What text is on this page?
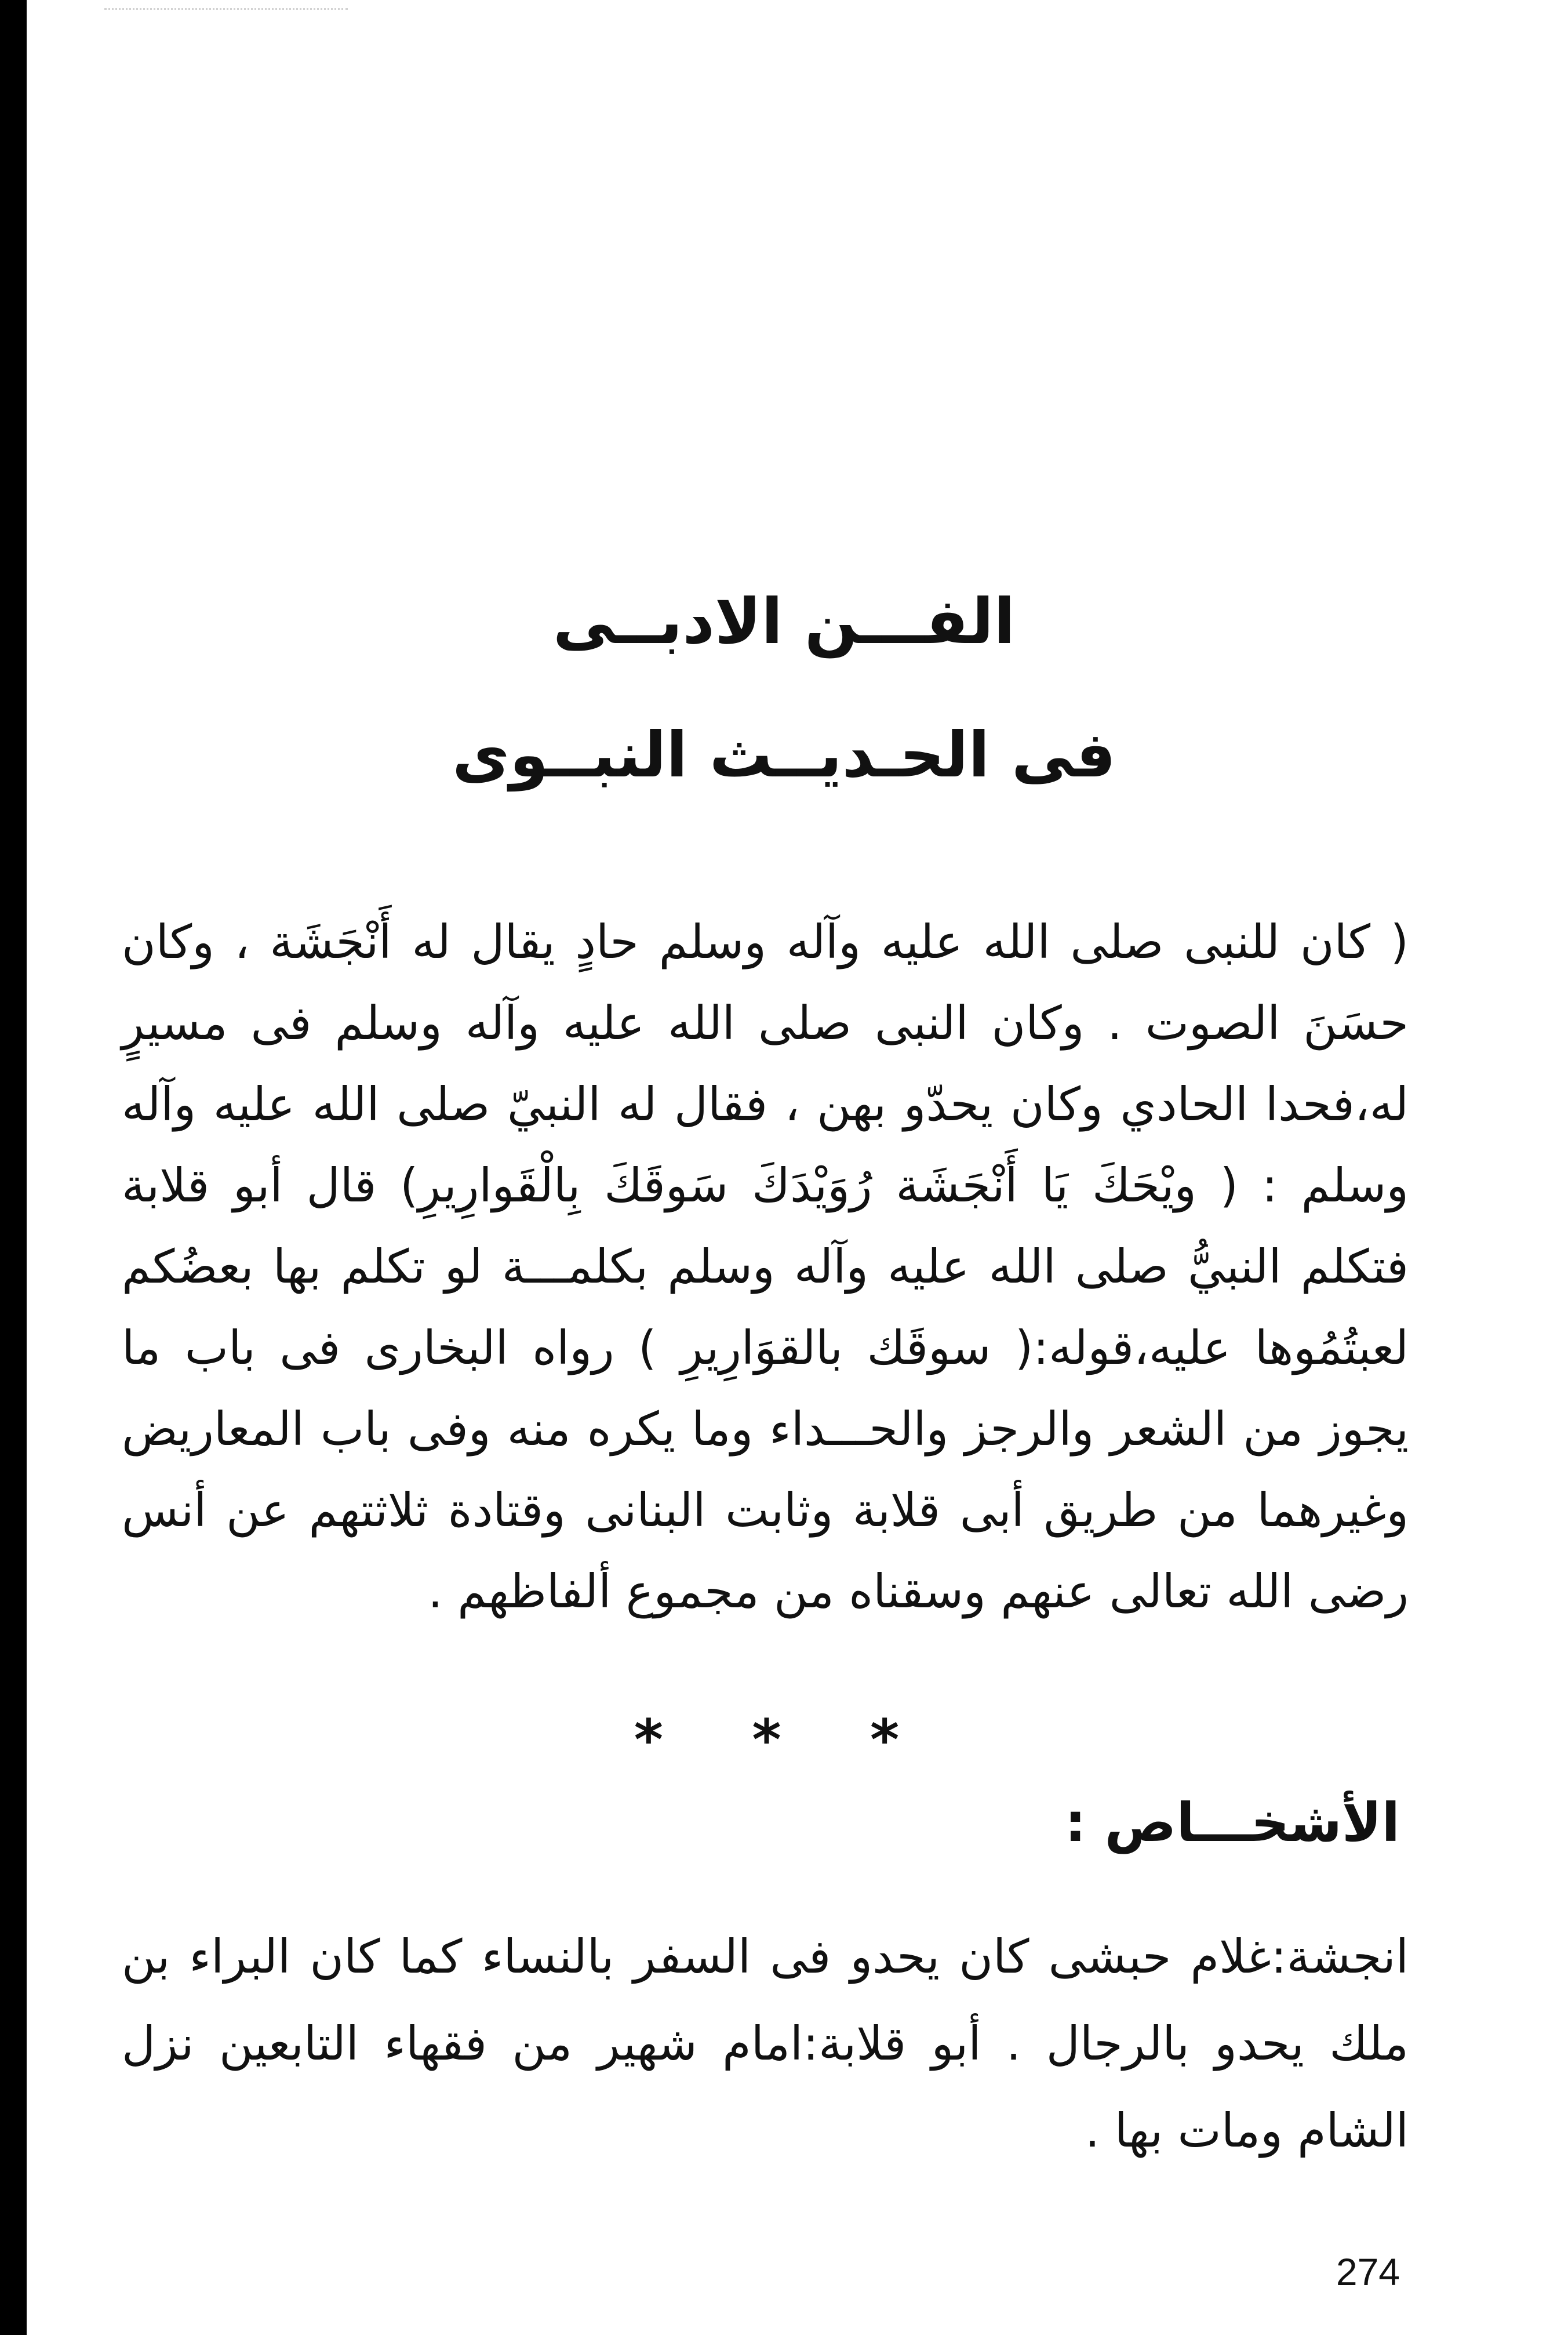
الفـــن الادبــى
فى الحـديــث النبــوى

( كان للنبى صلى الله عليه وآله وسلم حادٍ يقال له أَنْجَشَة ، وكان حسَنَ الصوت . وكان النبى صلى الله عليه وآله وسلم فى مسيرٍ له،فحدا الحادي وكان يحدّو بهن ، فقال له النبيّ صلى الله عليه وآله وسلم : ( ويْحَكَ يَا أَنْجَشَة رُوَيْدَكَ سَوقَكَ بِالْقَوارِيرِ) قال أبو قلابة فتكلم النبيُّ صلى الله عليه وآله وسلم بكلمـــة لو تكلم بها بعضُكم لعبتُمُوها عليه،قوله:( سوقَك بالقوَارِيرِ ) رواه البخارى فى باب ما يجوز من الشعر والرجز والحـــداء وما يكره منه وفى باب المعاريض وغيرهما من طريق أبى قلابة وثابت البنانى وقتادة ثلاثتهم عن أنس رضى الله تعالى عنهم وسقناه من مجموع ألفاظهم .

* * *
الأشخـــاص :

انجشة:غلام حبشى كان يحدو فى السفر بالنساء كما كان البراء بن ملك يحدو بالرجال . أبو قلابة:امام شهير من فقهاء التابعين نزل الشام ومات بها .

274
